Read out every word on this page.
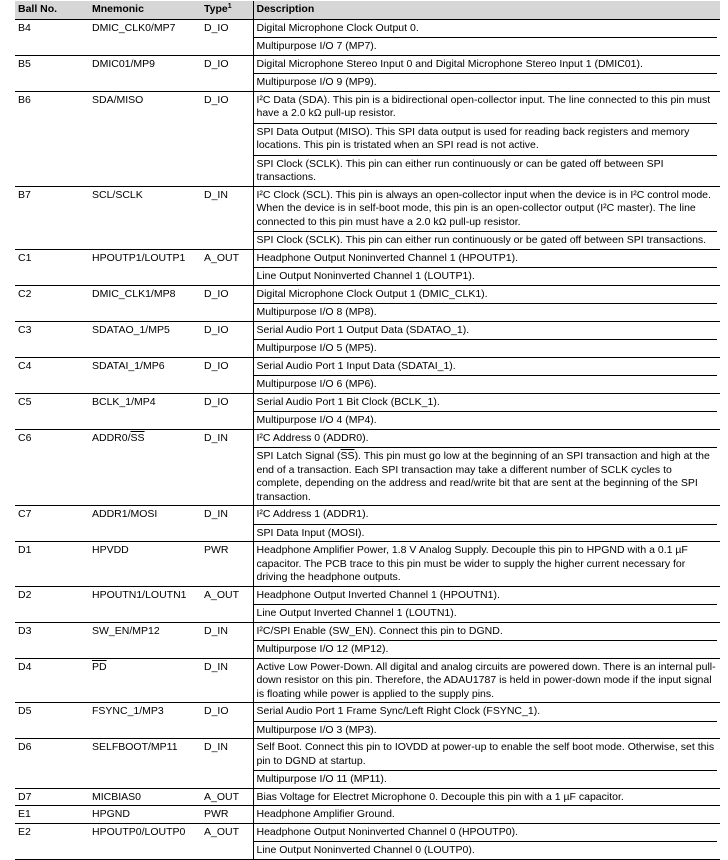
Ball No.	Mnemonic	Type$^1$	Description
B4	DMIC_CLK0/MP7	D_IO	Digital Microphone Clock Output 0.
Multipurpose I/O 7 (MP7).

B5	DMIC01/MP9	D_IO	Digital Microphone Stereo Input 0 and Digital Microphone Stereo Input 1 (DMIC01).
Multipurpose I/O 9 (MP9).

B6	SDA/MISO	D_IO	I²C Data (SDA). This pin is a bidirectional open-collector input. The line connected to this pin must have a 2.0 kΩ pull-up resistor.
SPI Data Output (MISO). This SPI data output is used for reading back registers and memory locations. This pin is tristated when an SPI read is not active.
SPI Clock (SCLK). This pin can either run continuously or can be gated off between SPI transactions.

B7	SCL/SCLK	D_IN	I²C Clock (SCL). This pin is always an open-collector input when the device is in I²C control mode. When the device is in self-boot mode, this pin is an open-collector output (I²C master). The line connected to this pin must have a 2.0 kΩ pull-up resistor.
SPI Clock (SCLK). This pin can either run continuously or be gated off between SPI transactions.

C1	HPOUTP1/LOUTP1	A_OUT	Headphone Output Noninverted Channel 1 (HPOUTP1).
Line Output Noninverted Channel 1 (LOUTP1).

C2	DMIC_CLK1/MP8	D_IO	Digital Microphone Clock Output 1 (DMIC_CLK1).
Multipurpose I/O 8 (MP8).

C3	SDATAO_1/MP5	D_IO	Serial Audio Port 1 Output Data (SDATAO_1).
Multipurpose I/O 5 (MP5).

C4	SDATAI_1/MP6	D_IO	Serial Audio Port 1 Input Data (SDATAI_1).
Multipurpose I/O 6 (MP6).

C5	BCLK_1/MP4	D_IO	Serial Audio Port 1 Bit Clock (BCLK_1).
Multipurpose I/O 4 (MP4).

C6	$ADDR0/\overline{SS}$	D_IN	I²C Address 0 (ADDR0).
SPI Latch Signal $(\overline{SS})$. This pin must go low at the beginning of an SPI transaction and high at the end of a transaction. Each SPI transaction may take a different number of SCLK cycles to complete, depending on the address and read/write bit that are sent at the beginning of the SPI transaction.

C7	ADDR1/MOSI	D_IN	I²C Address 1 (ADDR1).
SPI Data Input (MOSI).

D1	HPVDD	PWR	Headphone Amplifier Power, 1.8 V Analog Supply. Decouple this pin to HPGND with a 0.1 µF capacitor. The PCB trace to this pin must be wider to supply the higher current necessary for driving the headphone outputs.

D2	HPOUTN1/LOUTN1	A_OUT	Headphone Output Inverted Channel 1 (HPOUTN1).
Line Output Inverted Channel 1 (LOUTN1).

D3	SW_EN/MP12	D_IN	I²C/SPI Enable (SW_EN). Connect this pin to DGND.
Multipurpose I/O 12 (MP12).

D4	$\overline{PD}$	D_IN	Active Low Power-Down. All digital and analog circuits are powered down. There is an internal pull-down resistor on this pin. Therefore, the ADAU1787 is held in power-down mode if the input signal is floating while power is applied to the supply pins.

D5	FSYNC_1/MP3	D_IO	Serial Audio Port 1 Frame Sync/Left Right Clock (FSYNC_1).
Multipurpose I/O 3 (MP3).

D6	SELFBOOT/MP11	D_IN	Self Boot. Connect this pin to IOVDD at power-up to enable the self boot mode. Otherwise, set this pin to DGND at startup.
Multipurpose I/O 11 (MP11).

D7	MICBIAS0	A_OUT	Bias Voltage for Electret Microphone 0. Decouple this pin with a 1 µF capacitor.

E1	HPGND	PWR	Headphone Amplifier Ground.

E2	HPOUTP0/LOUTP0	A_OUT	Headphone Output Noninverted Channel 0 (HPOUTP0).
Line Output Noninverted Channel 0 (LOUTP0).
